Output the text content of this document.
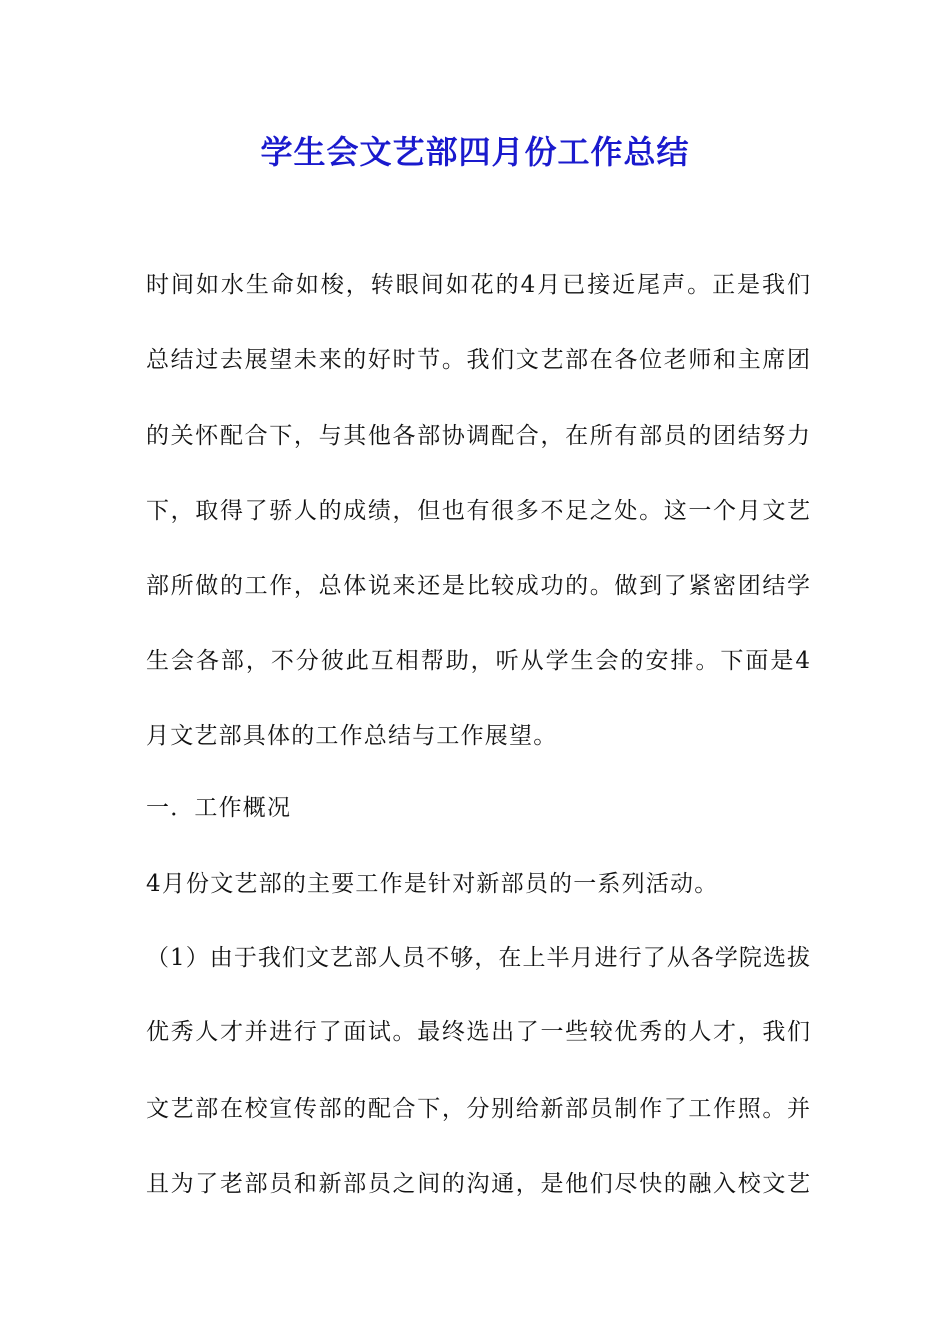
学生会文艺部四月份工作总结
时间如水生命如梭，转眼间如花的4月已接近尾声。正是我们
总结过去展望未来的好时节。我们文艺部在各位老师和主席团
的关怀配合下，与其他各部协调配合，在所有部员的团结努力
下，取得了骄人的成绩，但也有很多不足之处。这一个月文艺
部所做的工作，总体说来还是比较成功的。做到了紧密团结学
生会各部，不分彼此互相帮助，听从学生会的安排。下面是4
月文艺部具体的工作总结与工作展望。
一．工作概况
4月份文艺部的主要工作是针对新部员的一系列活动。
（1）由于我们文艺部人员不够，在上半月进行了从各学院选拔
优秀人才并进行了面试。最终选出了一些较优秀的人才，我们
文艺部在校宣传部的配合下，分别给新部员制作了工作照。并
且为了老部员和新部员之间的沟通，是他们尽快的融入校文艺
